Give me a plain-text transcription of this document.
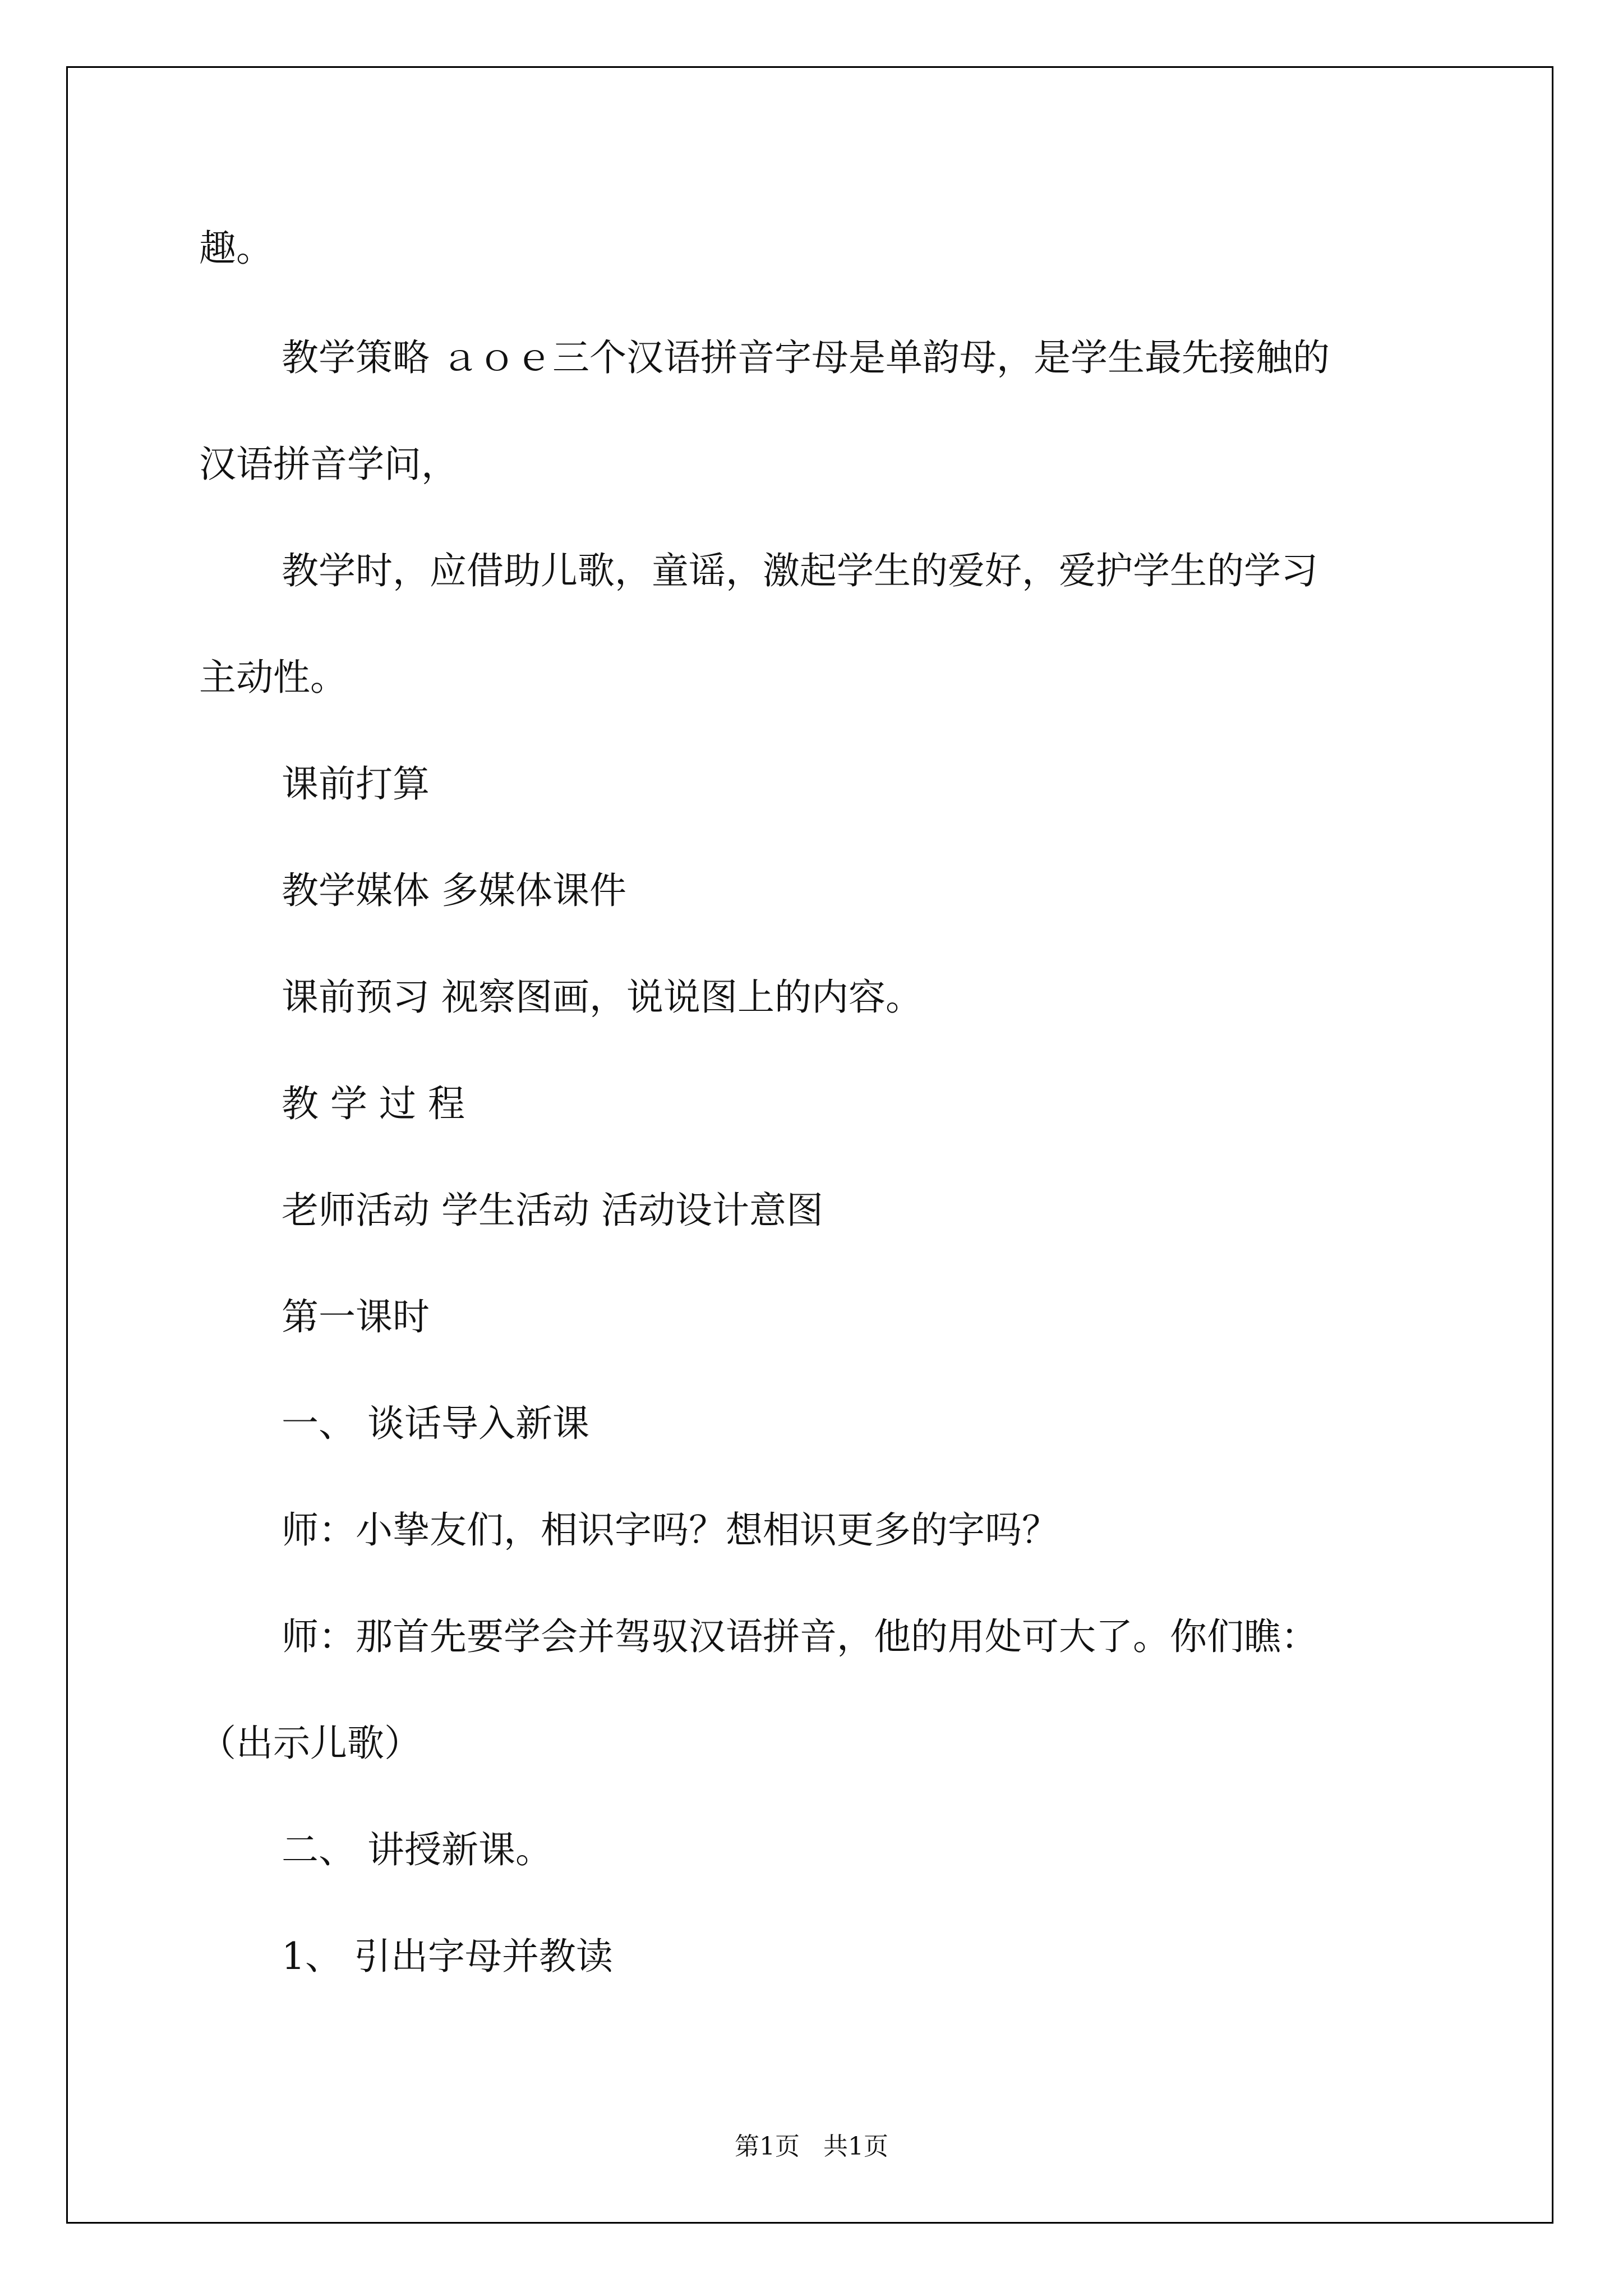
趣。

教学策略 ａｏｅ三个汉语拼音字母是单韵母，是学生最先接触的

汉语拼音学问，

教学时，应借助儿歌，童谣，激起学生的爱好，爱护学生的学习

主动性。

课前打算

教学媒体 多媒体课件

课前预习 视察图画，说说图上的内容。

教 学 过 程

老师活动 学生活动 活动设计意图

第一课时

一、 谈话导入新课

师：小挚友们，相识字吗？想相识更多的字吗？

师：那首先要学会并驾驭汉语拼音，他的用处可大了。你们瞧：

（出示儿歌）

二、 讲授新课。

1、 引出字母并教读

第1页 共1页
